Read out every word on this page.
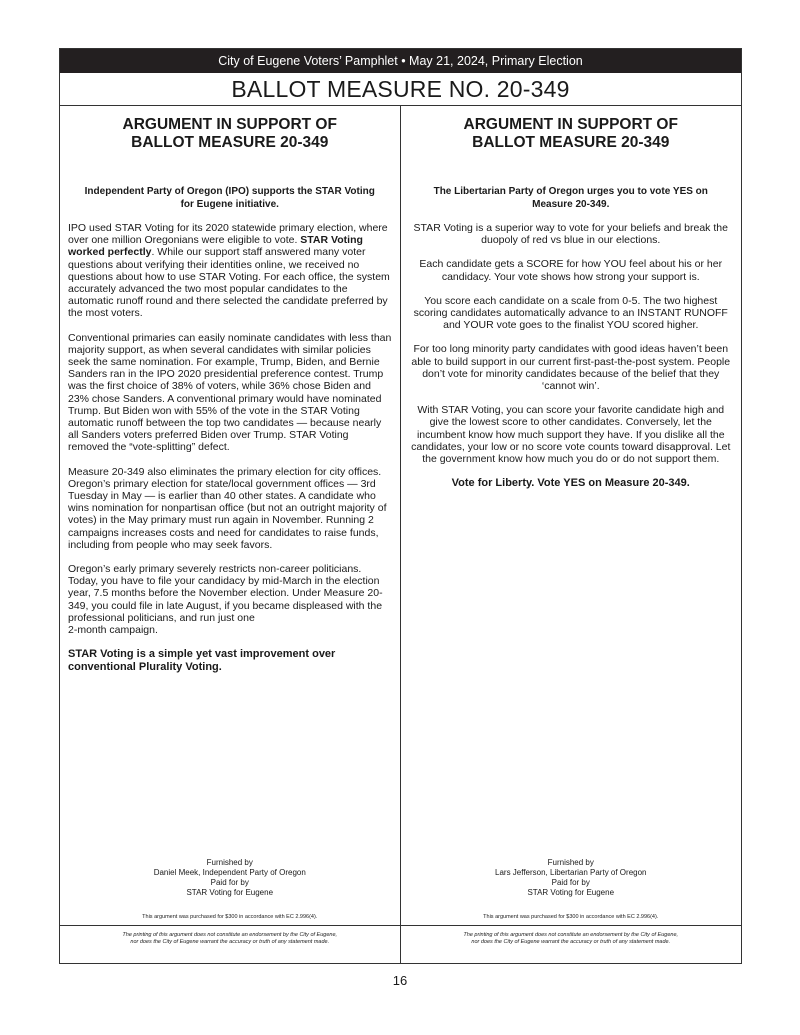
City of Eugene Voters’ Pamphlet • May 21, 2024, Primary Election
BALLOT MEASURE NO. 20-349
ARGUMENT IN SUPPORT OF
BALLOT MEASURE 20-349
Independent Party of Oregon (IPO) supports the STAR Voting for Eugene initiative.

IPO used STAR Voting for its 2020 statewide primary election, where over one million Oregonians were eligible to vote. STAR Voting worked perfectly. While our support staff answered many voter questions about verifying their identities online, we received no questions about how to use STAR Voting. For each office, the system accurately advanced the two most popular candidates to the automatic runoff round and there selected the candidate preferred by the most voters.

Conventional primaries can easily nominate candidates with less than majority support, as when several candidates with similar policies seek the same nomination. For example, Trump, Biden, and Bernie Sanders ran in the IPO 2020 presidential preference contest. Trump was the first choice of 38% of voters, while 36% chose Biden and 23% chose Sanders. A conventional primary would have nominated Trump. But Biden won with 55% of the vote in the STAR Voting automatic runoff between the top two candidates — because nearly all Sanders voters preferred Biden over Trump. STAR Voting removed the “vote-splitting” defect.

Measure 20-349 also eliminates the primary election for city offices. Oregon’s primary election for state/local government offices — 3rd Tuesday in May — is earlier than 40 other states. A candidate who wins nomination for nonpartisan office (but not an outright majority of votes) in the May primary must run again in November. Running 2 campaigns increases costs and need for candidates to raise funds, including from people who may seek favors.

Oregon’s early primary severely restricts non-career politicians. Today, you have to file your candidacy by mid-March in the election year, 7.5 months before the November election. Under Measure 20-349, you could file in late August, if you became displeased with the professional politicians, and run just one
2-month campaign.

STAR Voting is a simple yet vast improvement over conventional Plurality Voting.

Furnished by
Daniel Meek, Independent Party of Oregon
Paid for by
STAR Voting for Eugene
This argument was purchased for $300 in accordance with EC 2.996(4).
The printing of this argument does not constitute an endorsement by the City of Eugene,
nor does the City of Eugene warrant the accuracy or truth of any statement made.
ARGUMENT IN SUPPORT OF
BALLOT MEASURE 20-349
The Libertarian Party of Oregon urges you to vote YES on Measure 20-349.

STAR Voting is a superior way to vote for your beliefs and break the duopoly of red vs blue in our elections.

Each candidate gets a SCORE for how YOU feel about his or her candidacy. Your vote shows how strong your support is.

You score each candidate on a scale from 0-5. The two highest scoring candidates automatically advance to an INSTANT RUNOFF and YOUR vote goes to the finalist YOU scored higher.

For too long minority party candidates with good ideas haven’t been able to build support in our current first-past-the-post system. People don’t vote for minority candidates because of the belief that they ‘cannot win’.

With STAR Voting, you can score your favorite candidate high and give the lowest score to other candidates. Conversely, let the incumbent know how much support they have. If you dislike all the candidates, your low or no score vote counts toward disapproval. Let the government know how much you do or do not support them.

Vote for Liberty. Vote YES on Measure 20-349.

Furnished by
Lars Jefferson, Libertarian Party of Oregon
Paid for by
STAR Voting for Eugene
This argument was purchased for $300 in accordance with EC 2.996(4).
The printing of this argument does not constitute an endorsement by the City of Eugene,
nor does the City of Eugene warrant the accuracy or truth of any statement made.
16
